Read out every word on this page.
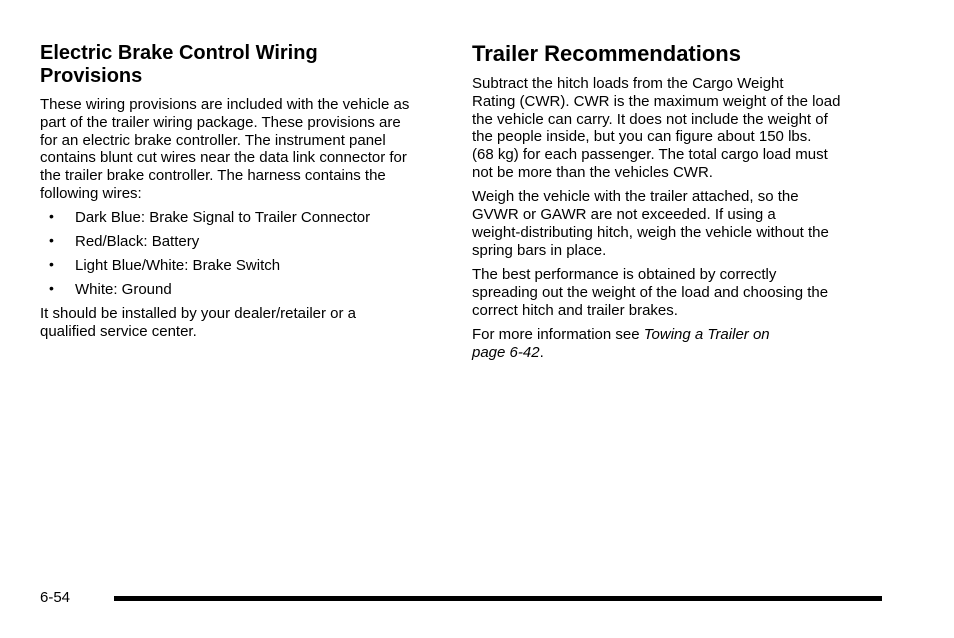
Electric Brake Control Wiring
Provisions

These wiring provisions are included with the vehicle as
part of the trailer wiring package. These provisions are
for an electric brake controller. The instrument panel
contains blunt cut wires near the data link connector for
the trailer brake controller. The harness contains the
following wires:

• Dark Blue: Brake Signal to Trailer Connector
• Red/Black: Battery
• Light Blue/White: Brake Switch
• White: Ground

It should be installed by your dealer/retailer or a
qualified service center.

Trailer Recommendations

Subtract the hitch loads from the Cargo Weight
Rating (CWR). CWR is the maximum weight of the load
the vehicle can carry. It does not include the weight of
the people inside, but you can figure about 150 lbs.
(68 kg) for each passenger. The total cargo load must
not be more than the vehicles CWR.

Weigh the vehicle with the trailer attached, so the
GVWR or GAWR are not exceeded. If using a
weight-distributing hitch, weigh the vehicle without the
spring bars in place.

The best performance is obtained by correctly
spreading out the weight of the load and choosing the
correct hitch and trailer brakes.

For more information see Towing a Trailer on
page 6-42.

6-54
